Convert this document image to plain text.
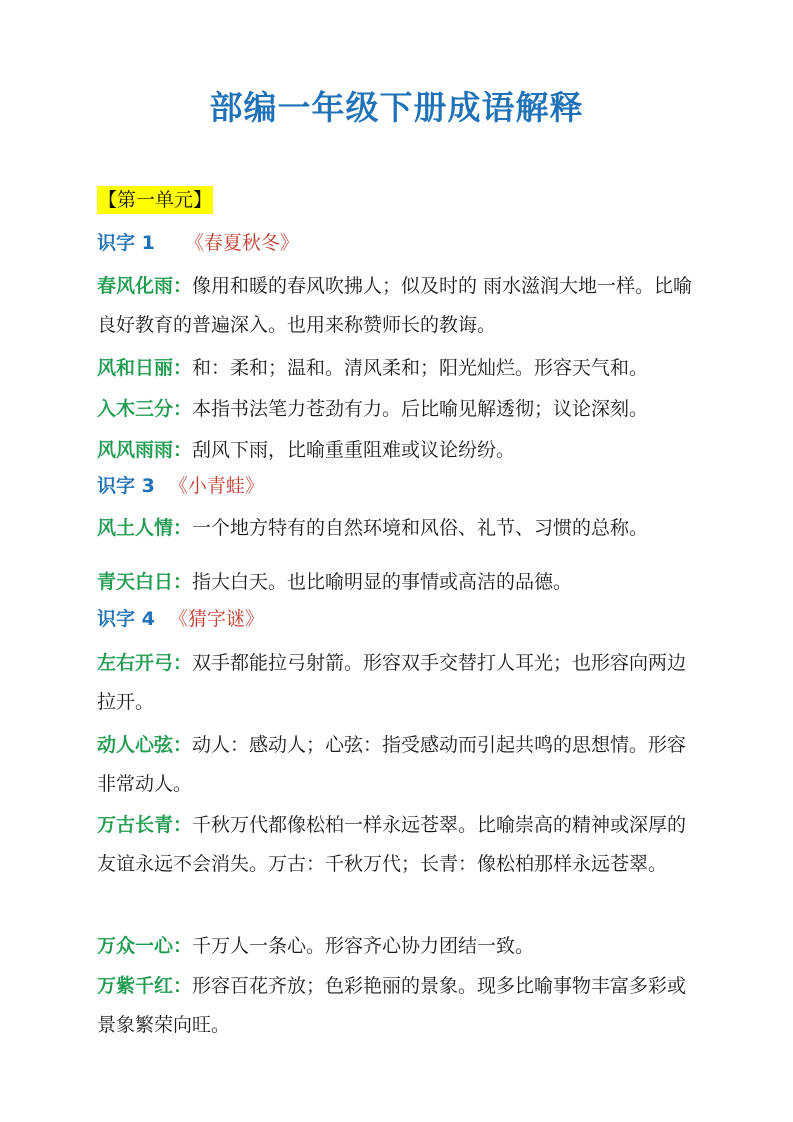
部编一年级下册成语解释
【第一单元】
识字 1 《春夏秋冬》
春风化雨：像用和暖的春风吹拂人；似及时的 雨水滋润大地一样。比喻良好教育的普遍深入。也用来称赞师长的教诲。
风和日丽：和：柔和；温和。清风柔和；阳光灿烂。形容天气和。
入木三分：本指书法笔力苍劲有力。后比喻见解透彻；议论深刻。
风风雨雨：刮风下雨，比喻重重阻难或议论纷纷。
识字 3 《小青蛙》
风土人情：一个地方特有的自然环境和风俗、礼节、习惯的总称。
青天白日：指大白天。也比喻明显的事情或高洁的品德。
识字 4 《猜字谜》
左右开弓：双手都能拉弓射箭。形容双手交替打人耳光；也形容向两边拉开。
动人心弦：动人：感动人；心弦：指受感动而引起共鸣的思想情。形容非常动人。
万古长青：千秋万代都像松柏一样永远苍翠。比喻崇高的精神或深厚的友谊永远不会消失。万古：千秋万代；长青：像松柏那样永远苍翠。
万众一心：千万人一条心。形容齐心协力团结一致。
万紫千红：形容百花齐放；色彩艳丽的景象。现多比喻事物丰富多彩或景象繁荣向旺。
